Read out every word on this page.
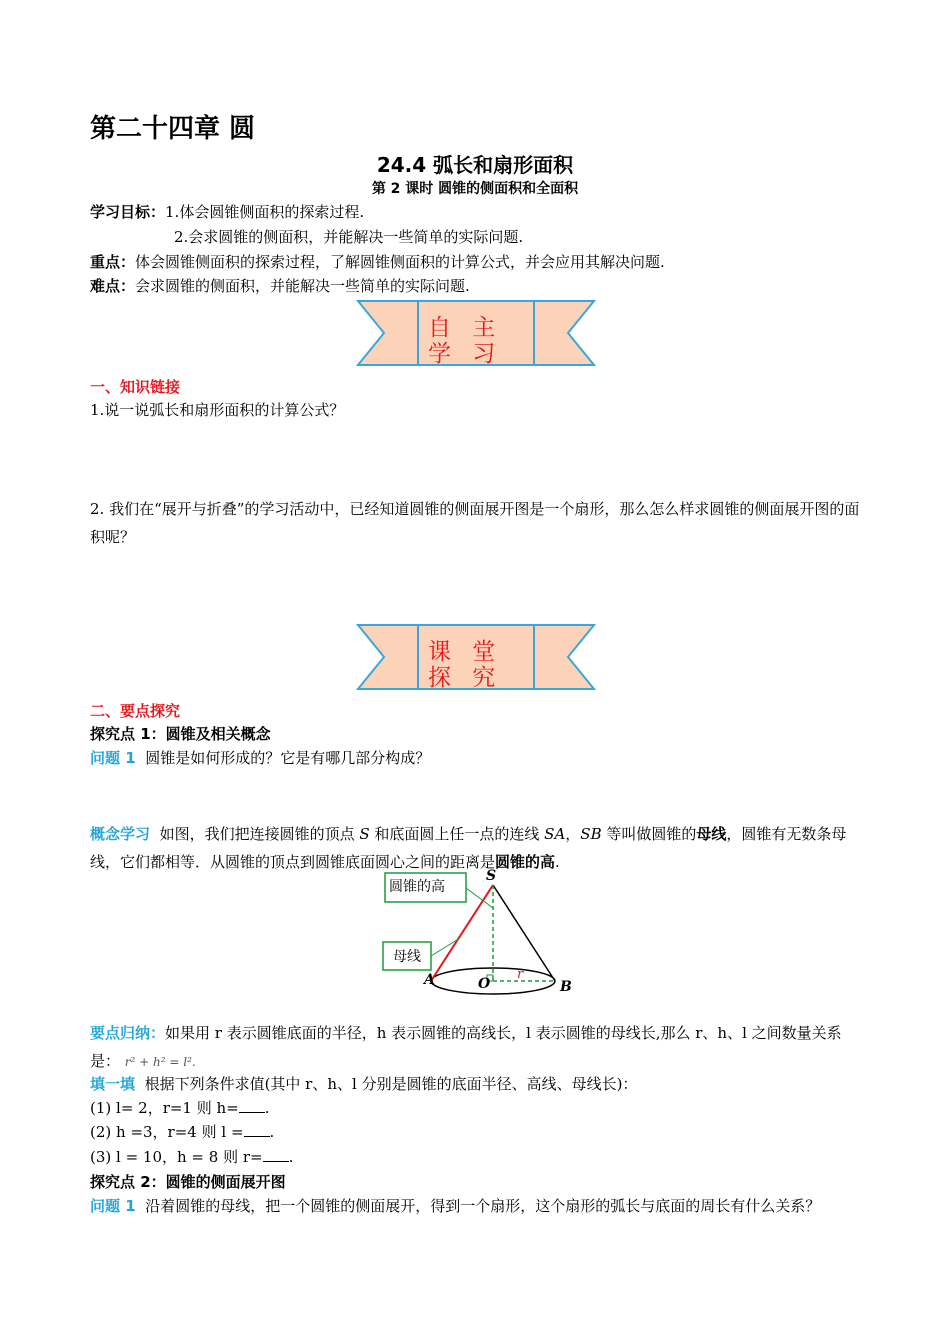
第二十四章 圆
24.4 弧长和扇形面积
第 2 课时 圆锥的侧面积和全面积
学习目标：1.体会圆锥侧面积的探索过程.
2.会求圆锥的侧面积，并能解决一些简单的实际问题.
重点：体会圆锥侧面积的探索过程，了解圆锥侧面积的计算公式，并会应用其解决问题.
难点：会求圆锥的侧面积，并能解决一些简单的实际问题.
自 主 学 习
一、知识链接
1.说一说弧长和扇形面积的计算公式？
2. 我们在“展开与折叠”的学习活动中，已经知道圆锥的侧面展开图是一个扇形，那么怎么样求圆锥的侧面展开图的面积呢？
课 堂 探 究
二、要点探究
探究点 1：圆锥及相关概念
问题 1 圆锥是如何形成的？它是有哪几部分构成？
概念学习 如图，我们把连接圆锥的顶点 S 和底面圆上任一点的连线 SA，SB 等叫做圆锥的母线，圆锥有无数条母线，它们都相等．从圆锥的顶点到圆锥底面圆心之间的距离是圆锥的高.
圆锥的高
母线
S
A	O	B
r
要点归纳：如果用 r 表示圆锥底面的半径，h 表示圆锥的高线长，l 表示圆锥的母线长,那么 r、h、l 之间数量关系是： r² + h² = l².
填一填 根据下列条件求值(其中 r、h、l 分别是圆锥的底面半径、高线、母线长)：
(1) l= 2，r=1 则 h= .
(2) h =3，r=4 则 l = .
(3) l = 10，h = 8 则 r= .
探究点 2：圆锥的侧面展开图
问题 1 沿着圆锥的母线，把一个圆锥的侧面展开，得到一个扇形，这个扇形的弧长与底面的周长有什么关系？
